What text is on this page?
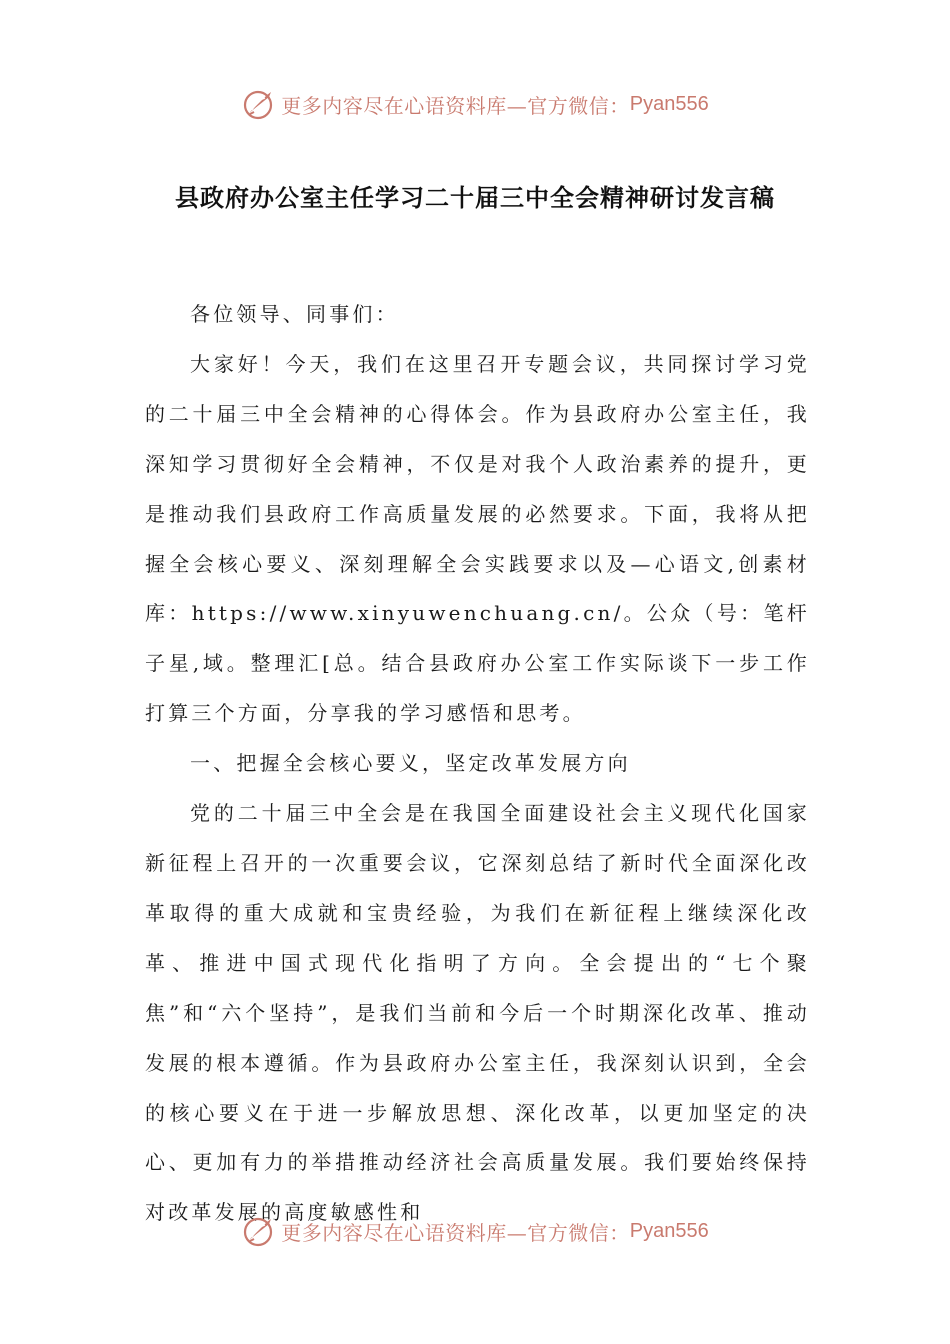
更多内容尽在心语资料库—官方微信： Pyan556
县政府办公室主任学习二十届三中全会精神研讨发言稿

各位领导、同事们：

大家好！今天，我们在这里召开专题会议，共同探讨学习党的二十届三中全会精神的心得体会。作为县政府办公室主任，我深知学习贯彻好全会精神，不仅是对我个人政治素养的提升，更是推动我们县政府工作高质量发展的必然要求。下面，我将从把握全会核心要义、深刻理解全会实践要求以及—心语文,创素材库：https://www.xinyuwenchuang.cn/。公众（号：笔杆子星,域。整理汇[总。结合县政府办公室工作实际谈下一步工作打算三个方面，分享我的学习感悟和思考。

一、把握全会核心要义，坚定改革发展方向

党的二十届三中全会是在我国全面建设社会主义现代化国家新征程上召开的一次重要会议，它深刻总结了新时代全面深化改革取得的重大成就和宝贵经验，为我们在新征程上继续深化改革、推进中国式现代化指明了方向。全会提出的“七个聚焦”和“六个坚持”，是我们当前和今后一个时期深化改革、推动发展的根本遵循。作为县政府办公室主任，我深刻认识到，全会的核心要义在于进一步解放思想、深化改革，以更加坚定的决心、更加有力的举措推动经济社会高质量发展。我们要始终保持对改革发展的高度敏感性和

更多内容尽在心语资料库—官方微信： Pyan556
